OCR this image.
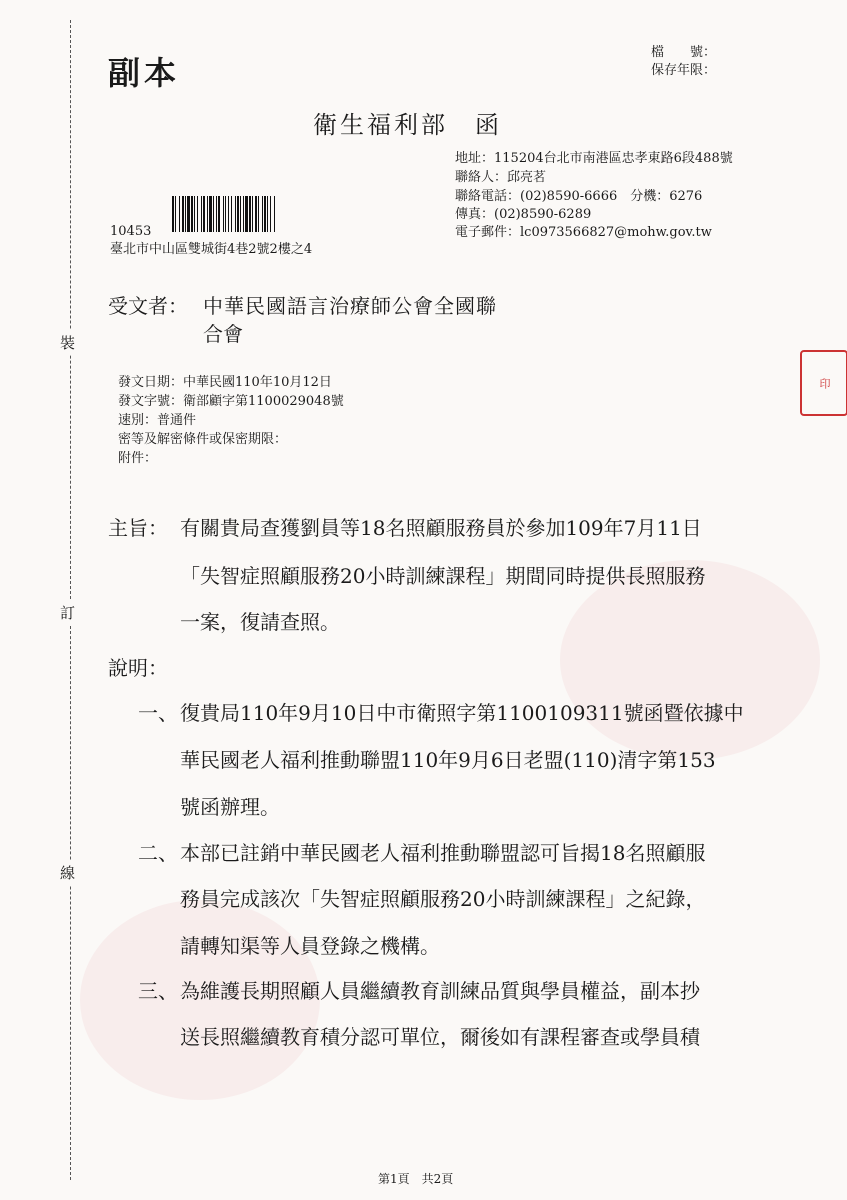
裝
訂
線
副本
檔　　號：
保存年限：
衛生福利部　函
地址：115204台北市南港區忠孝東路6段488號
聯絡人：邱亮茗
聯絡電話：(02)8590-6666　分機：6276
傳真：(02)8590-6289
電子郵件：lc0973566827@mohw.gov.tw
10453
臺北市中山區雙城街4巷2號2樓之4
受文者： 中華民國語言治療師公會全國聯
合會
發文日期：中華民國110年10月12日
發文字號：衛部顧字第1100029048號
速別：普通件
密等及解密條件或保密期限：
附件：
印
主旨： 有關貴局查獲劉員等18名照顧服務員於參加109年7月11日
「失智症照顧服務20小時訓練課程」期間同時提供長照服務
一案，復請查照。
說明：
一、 復貴局110年9月10日中市衛照字第1100109311號函暨依據中
華民國老人福利推動聯盟110年9月6日老盟(110)清字第153
號函辦理。
二、 本部已註銷中華民國老人福利推動聯盟認可旨揭18名照顧服
務員完成該次「失智症照顧服務20小時訓練課程」之紀錄，
請轉知渠等人員登錄之機構。
三、 為維護長期照顧人員繼續教育訓練品質與學員權益，副本抄
送長照繼續教育積分認可單位，爾後如有課程審查或學員積
第1頁　共2頁
